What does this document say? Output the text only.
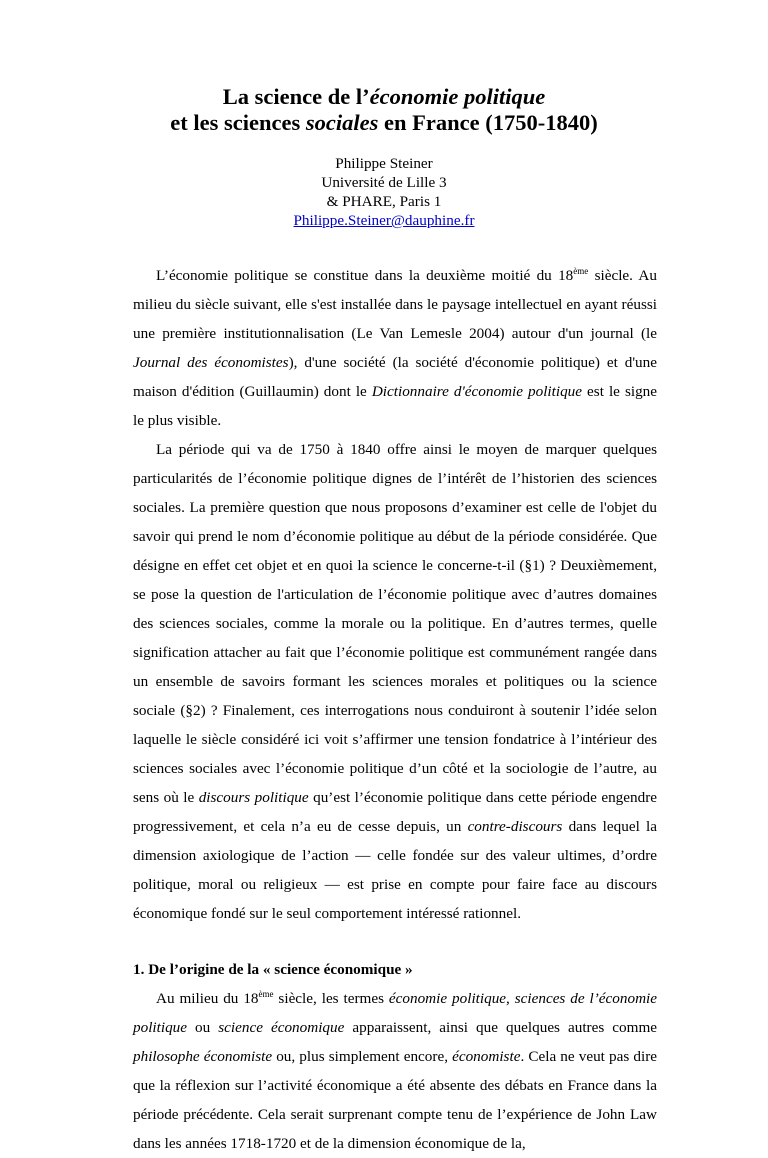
La science de l’économie politique
et les sciences sociales en France (1750-1840)
Philippe Steiner
Université de Lille 3
& PHARE, Paris 1
Philippe.Steiner@dauphine.fr

L’économie politique se constitue dans la deuxième moitié du 18ème siècle. Au milieu du siècle suivant, elle s'est installée dans le paysage intellectuel en ayant réussi une première institutionnalisation (Le Van Lemesle 2004) autour d'un journal (le Journal des économistes), d'une société (la société d'économie politique) et d'une maison d'édition (Guillaumin) dont le Dictionnaire d'économie politique est le signe le plus visible.

La période qui va de 1750 à 1840 offre ainsi le moyen de marquer quelques particularités de l’économie politique dignes de l’intérêt de l’historien des sciences sociales. La première question que nous proposons d’examiner est celle de l'objet du savoir qui prend le nom d’économie politique au début de la période considérée. Que désigne en effet cet objet et en quoi la science le concerne-t-il (§1) ? Deuxièmement, se pose la question de l'articulation de l’économie politique avec d’autres domaines des sciences sociales, comme la morale ou la politique. En d’autres termes, quelle signification attacher au fait que l’économie politique est communément rangée dans un ensemble de savoirs formant les sciences morales et politiques ou la science sociale (§2) ? Finalement, ces interrogations nous conduiront à soutenir l’idée selon laquelle le siècle considéré ici voit s’affirmer une tension fondatrice à l’intérieur des sciences sociales avec l’économie politique d’un côté et la sociologie de l’autre, au sens où le discours politique qu’est l’économie politique dans cette période engendre progressivement, et cela n’a eu de cesse depuis, un contre-discours dans lequel la dimension axiologique de l’action — celle fondée sur des valeur ultimes, d’ordre politique, moral ou religieux — est prise en compte pour faire face au discours économique fondé sur le seul comportement intéressé rationnel.

1. De l’origine de la « science économique »

Au milieu du 18ème siècle, les termes économie politique, sciences de l’économie politique ou science économique apparaissent, ainsi que quelques autres comme philosophe économiste ou, plus simplement encore, économiste. Cela ne veut pas dire que la réflexion sur l’activité économique a été absente des débats en France dans la période précédente. Cela serait surprenant compte tenu de l’expérience de John Law dans les années 1718-1720 et de la dimension économique de la,
